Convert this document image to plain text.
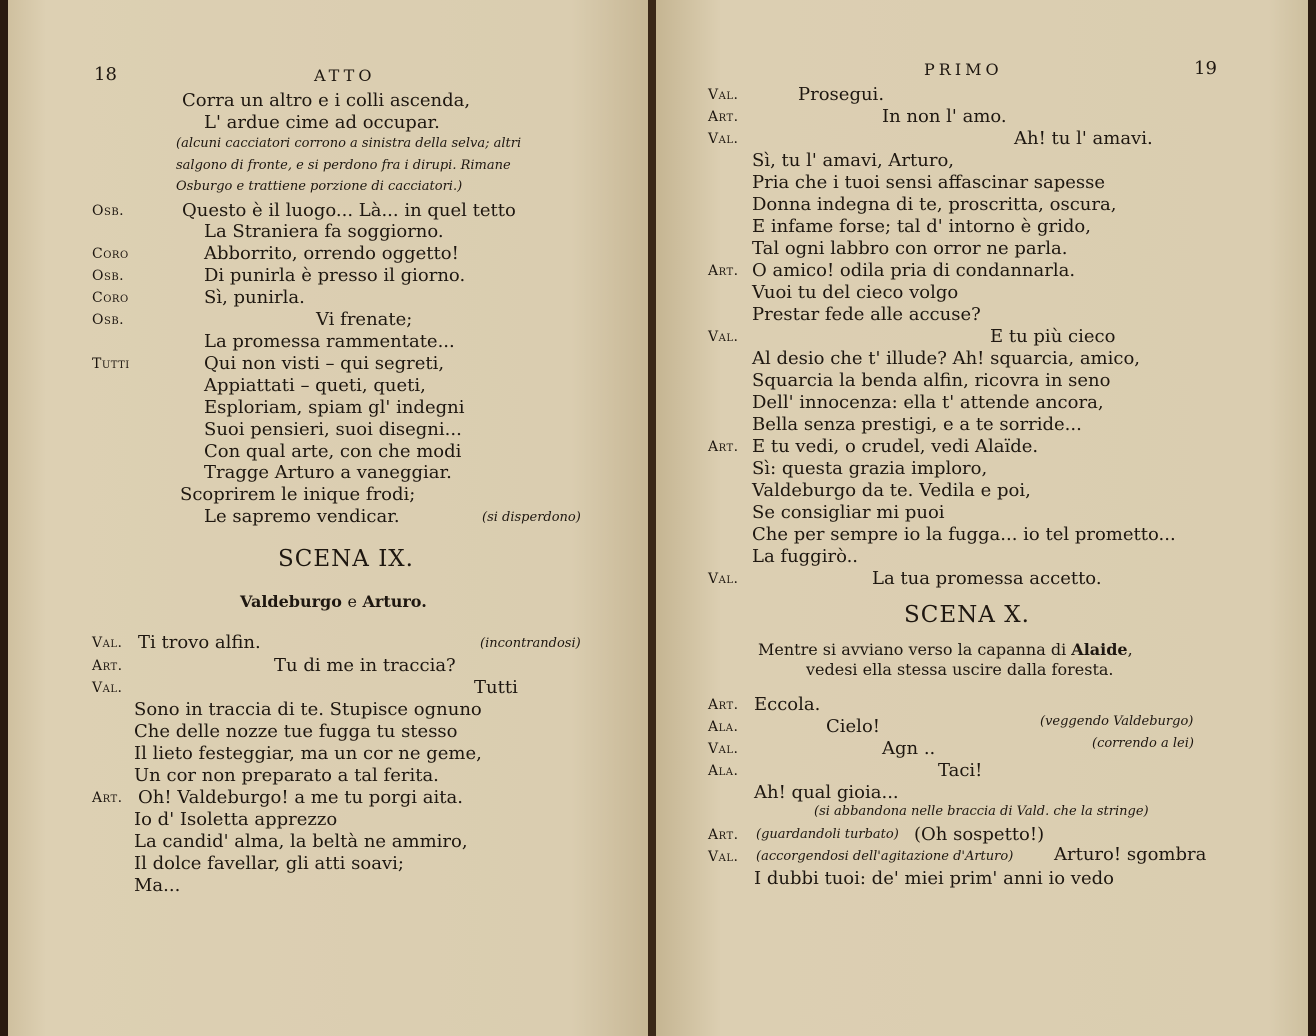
18	ATTO
Corra un altro e i colli ascenda,
L' ardue cime ad occupar.
(alcuni cacciatori corrono a sinistra della selva; altri
salgono di fronte, e si perdono fra i dirupi. Rimane
Osburgo e trattiene porzione di cacciatori.)
Osb.	Questo è il luogo... Là... in quel tetto
La Straniera fa soggiorno.
Coro	Abborrito, orrendo oggetto!
Osb.	Di punirla è presso il giorno.
Coro	Sì, punirla.
Osb.	Vi frenate;
La promessa rammentate...
Tutti	Qui non visti – qui segreti,
Appiattati – queti, queti,
Esploriam, spiam gl' indegni
Suoi pensieri, suoi disegni...
Con qual arte, con che modi
Tragge Arturo a vaneggiar.
Scoprirem le inique frodi;
Le sapremo vendicar.	(si disperdono)
SCENA IX.
Valdeburgo e Arturo.
Val. Ti trovo alfin.	(incontrandosi)
Art.	Tu di me in traccia?
Val.	Tutti
Sono in traccia di te. Stupisce ognuno
Che delle nozze tue fugga tu stesso
Il lieto festeggiar, ma un cor ne geme,
Un cor non preparato a tal ferita.
Art. Oh! Valdeburgo! a me tu porgi aita.
Io d' Isoletta apprezzo
La candid' alma, la beltà ne ammiro,
Il dolce favellar, gli atti soavi;
Ma...
PRIMO	19
Val.	Prosegui.
Art.	In non l' amo.
Val.	Ah! tu l' amavi.
Sì, tu l' amavi, Arturo,
Pria che i tuoi sensi affascinar sapesse
Donna indegna di te, proscritta, oscura,
E infame forse; tal d' intorno è grido,
Tal ogni labbro con orror ne parla.
Art. O amico! odila pria di condannarla.
Vuoi tu del cieco volgo
Prestar fede alle accuse?
Val.	E tu più cieco
Al desio che t' illude? Ah! squarcia, amico,
Squarcia la benda alfin, ricovra in seno
Dell' innocenza: ella t' attende ancora,
Bella senza prestigi, e a te sorride...
Art. E tu vedi, o crudel, vedi Alaïde.
Sì: questa grazia imploro,
Valdeburgo da te. Vedila e poi,
Se consigliar mi puoi
Che per sempre io la fugga... io tel prometto...
La fuggirò..
Val.	La tua promessa accetto.
SCENA X.
Mentre si avviano verso la capanna di Alaide,
vedesi ella stessa uscire dalla foresta.
Art. Eccola.
Ala.	Cielo!	(veggendo Valdeburgo)
Val.	Agn ..	(correndo a lei)
Ala.	Taci!
Ah! qual gioia...
(si abbandona nelle braccia di Vald. che la stringe)
Art. (guardandoli turbato) (Oh sospetto!)
Val. (accorgendosi dell'agitazione d'Arturo) Arturo! sgombra
I dubbi tuoi: de' miei prim' anni io vedo
